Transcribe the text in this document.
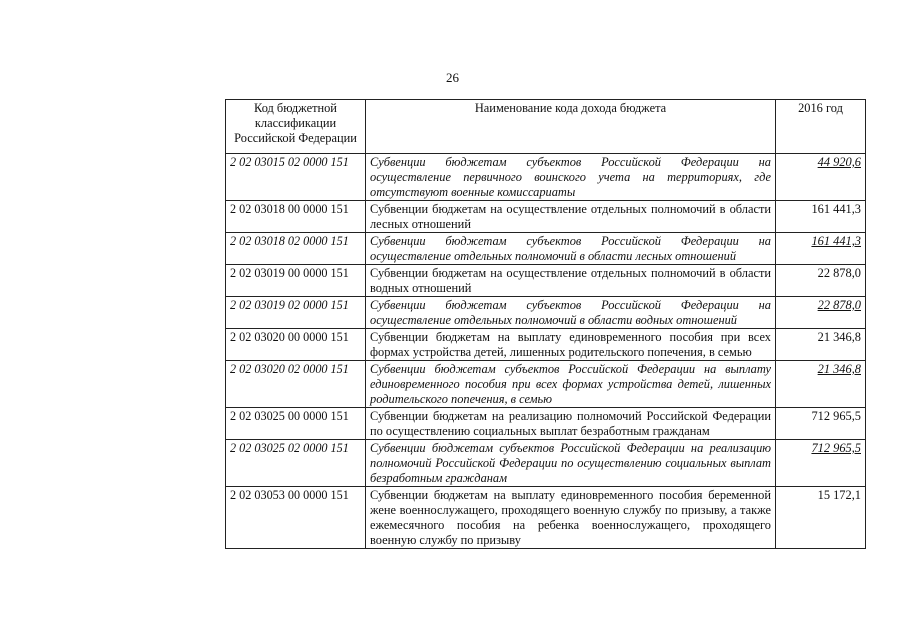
26
Код бюджетной классификации Российской Федерации	Наименование кода дохода бюджета	2016 год
2 02 03015 02 0000 151	Субвенции бюджетам субъектов Российской Федерации на осуществление первичного воинского учета на территориях, где отсутствуют военные комиссариаты	44 920,6
2 02 03018 00 0000 151	Субвенции бюджетам на осуществление отдельных полномочий в области лесных отношений	161 441,3
2 02 03018 02 0000 151	Субвенции бюджетам субъектов Российской Федерации на осуществление отдельных полномочий в области лесных отношений	161 441,3
2 02 03019 00 0000 151	Субвенции бюджетам на осуществление отдельных полномочий в области водных отношений	22 878,0
2 02 03019 02 0000 151	Субвенции бюджетам субъектов Российской Федерации на осуществление отдельных полномочий в области водных отношений	22 878,0
2 02 03020 00 0000 151	Субвенции бюджетам на выплату единовременного пособия при всех формах устройства детей, лишенных родительского попечения, в семью	21 346,8
2 02 03020 02 0000 151	Субвенции бюджетам субъектов Российской Федерации на выплату единовременного пособия при всех формах устройства детей, лишенных родительского попечения, в семью	21 346,8
2 02 03025 00 0000 151	Субвенции бюджетам на реализацию полномочий Российской Федерации по осуществлению социальных выплат безработным гражданам	712 965,5
2 02 03025 02 0000 151	Субвенции бюджетам субъектов Российской Федерации на реализацию полномочий Российской Федерации по осуществлению социальных выплат безработным гражданам	712 965,5
2 02 03053 00 0000 151	Субвенции бюджетам на выплату единовременного пособия беременной жене военнослужащего, проходящего военную службу по призыву, а также ежемесячного пособия на ребенка военнослужащего, проходящего военную службу по призыву	15 172,1
